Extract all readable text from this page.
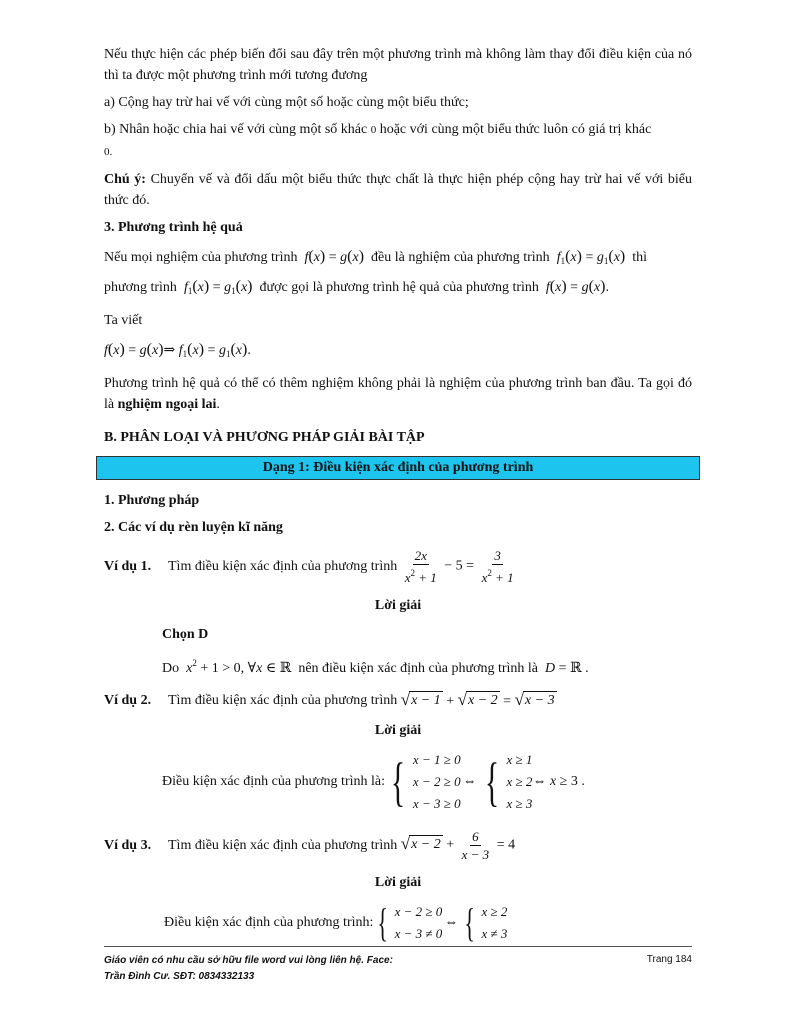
Nếu thực hiện các phép biến đổi sau đây trên một phương trình mà không làm thay đổi điều kiện của nó thì ta được một phương trình mới tương đương

a) Cộng hay trừ hai vế với cùng một số hoặc cùng một biểu thức;

b) Nhân hoặc chia hai vế với cùng một số khác 0 hoặc với cùng một biểu thức luôn có giá trị khác

0.

Chú ý: Chuyển vế và đổi dấu một biểu thức thực chất là thực hiện phép cộng hay trừ hai vế với biểu thức đó.

3. Phương trình hệ quả

Nếu mọi nghiệm của phương trình f(x) = g(x) đều là nghiệm của phương trình $f_1(x) = g_1(x)$ thì

phương trình $f_1(x) = g_1(x)$ được gọi là phương trình hệ quả của phương trình f(x) = g(x).

Ta viết

f(x) = g(x)⇒ $f_1(x) = g_1(x)$.

Phương trình hệ quả có thể có thêm nghiệm không phải là nghiệm của phương trình ban đầu. Ta gọi đó là nghiệm ngoại lai.

B. PHÂN LOẠI VÀ PHƯƠNG PHÁP GIẢI BÀI TẬP

Dạng 1: Điều kiện xác định của phương trình

1. Phương pháp

2. Các ví dụ rèn luyện kĩ năng

Ví dụ 1.	Tìm điều kiện xác định của phương trình
$\frac{2x}{x^2 + 1} - 5 = \frac{3}{x^2 + 1}$

Lời giải

Chọn D

Do $x^2 + 1 > 0$, ∀x ∈ ℝ nên điều kiện xác định của phương trình là D = ℝ .

Ví dụ 2.	Tìm điều kiện xác định của phương trình
√ x − 1 + √ x − 2 = √ x − 3

Lời giải

Điều kiện xác định của phương trình là: { x − 1 ≥ 0
x − 2 ≥ 0
x − 3 ≥ 0
⇔ { x ≥ 1
x ≥ 2
x ≥ 3
⇔ x ≥ 3 .
Ví dụ 3.	Tìm điều kiện xác định của phương trình
√ $x - 2 + \frac{6}{x - 3} = 4$

Lời giải

Điều kiện xác định của phương trình: { x − 2 ≥ 0
x − 3 ≠ 0
⇔ { x ≥ 2
x ≠ 3
Giáo viên có nhu cầu sở hữu file word vui lòng liên hệ. Face:
Trần Đình Cư. SĐT: 0834332133
Trang 184
